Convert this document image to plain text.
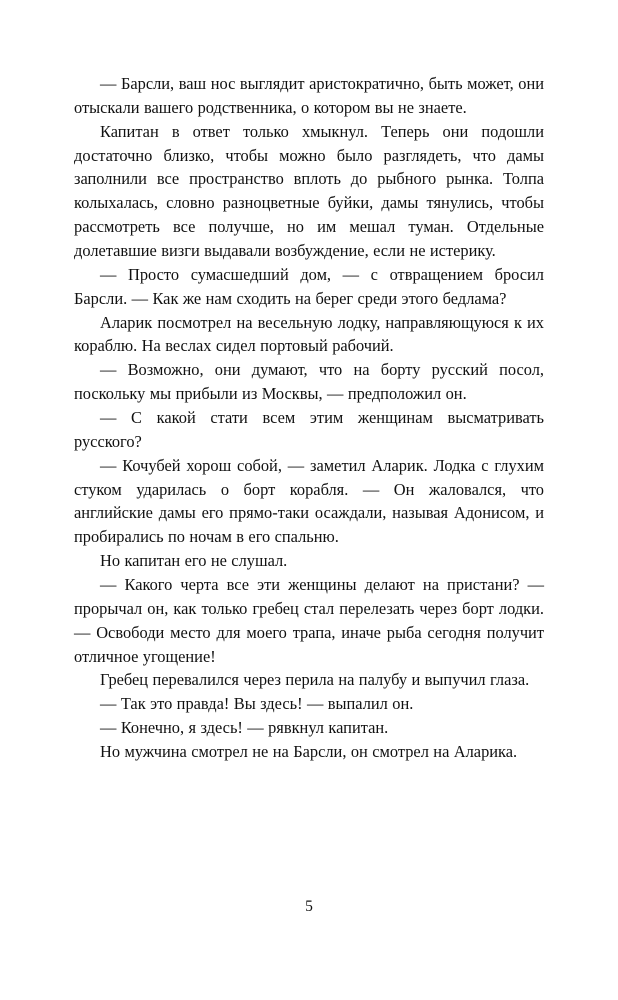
— Барсли, ваш нос выглядит аристократично, быть может, они отыскали вашего родственника, о котором вы не знаете.

Капитан в ответ только хмыкнул. Теперь они подошли достаточно близко, чтобы можно было разглядеть, что дамы заполнили все пространство вплоть до рыбного рынка. Толпа колыхалась, словно разноцветные буйки, дамы тянулись, чтобы рассмотреть все получше, но им мешал туман. Отдельные долетавшие визги выдавали возбуждение, если не истерику.

— Просто сумасшедший дом, — с отвращением бросил Барсли. — Как же нам сходить на берег среди этого бедлама?

Аларик посмотрел на весельную лодку, направляющуюся к их кораблю. На веслах сидел портовый рабочий.

— Возможно, они думают, что на борту русский посол, поскольку мы прибыли из Москвы, — предположил он.

— С какой стати всем этим женщинам высматривать русского?

— Кочубей хорош собой, — заметил Аларик. Лодка с глухим стуком ударилась о борт корабля. — Он жаловался, что английские дамы его прямо-таки осаждали, называя Адонисом, и пробирались по ночам в его спальню.

Но капитан его не слушал.

— Какого черта все эти женщины делают на пристани? — прорычал он, как только гребец стал перелезать через борт лодки. — Освободи место для моего трапа, иначе рыба сегодня получит отличное угощение!

Гребец перевалился через перила на палубу и выпучил глаза.

— Так это правда! Вы здесь! — выпалил он.

— Конечно, я здесь! — рявкнул капитан.

Но мужчина смотрел не на Барсли, он смотрел на Аларика.

5
